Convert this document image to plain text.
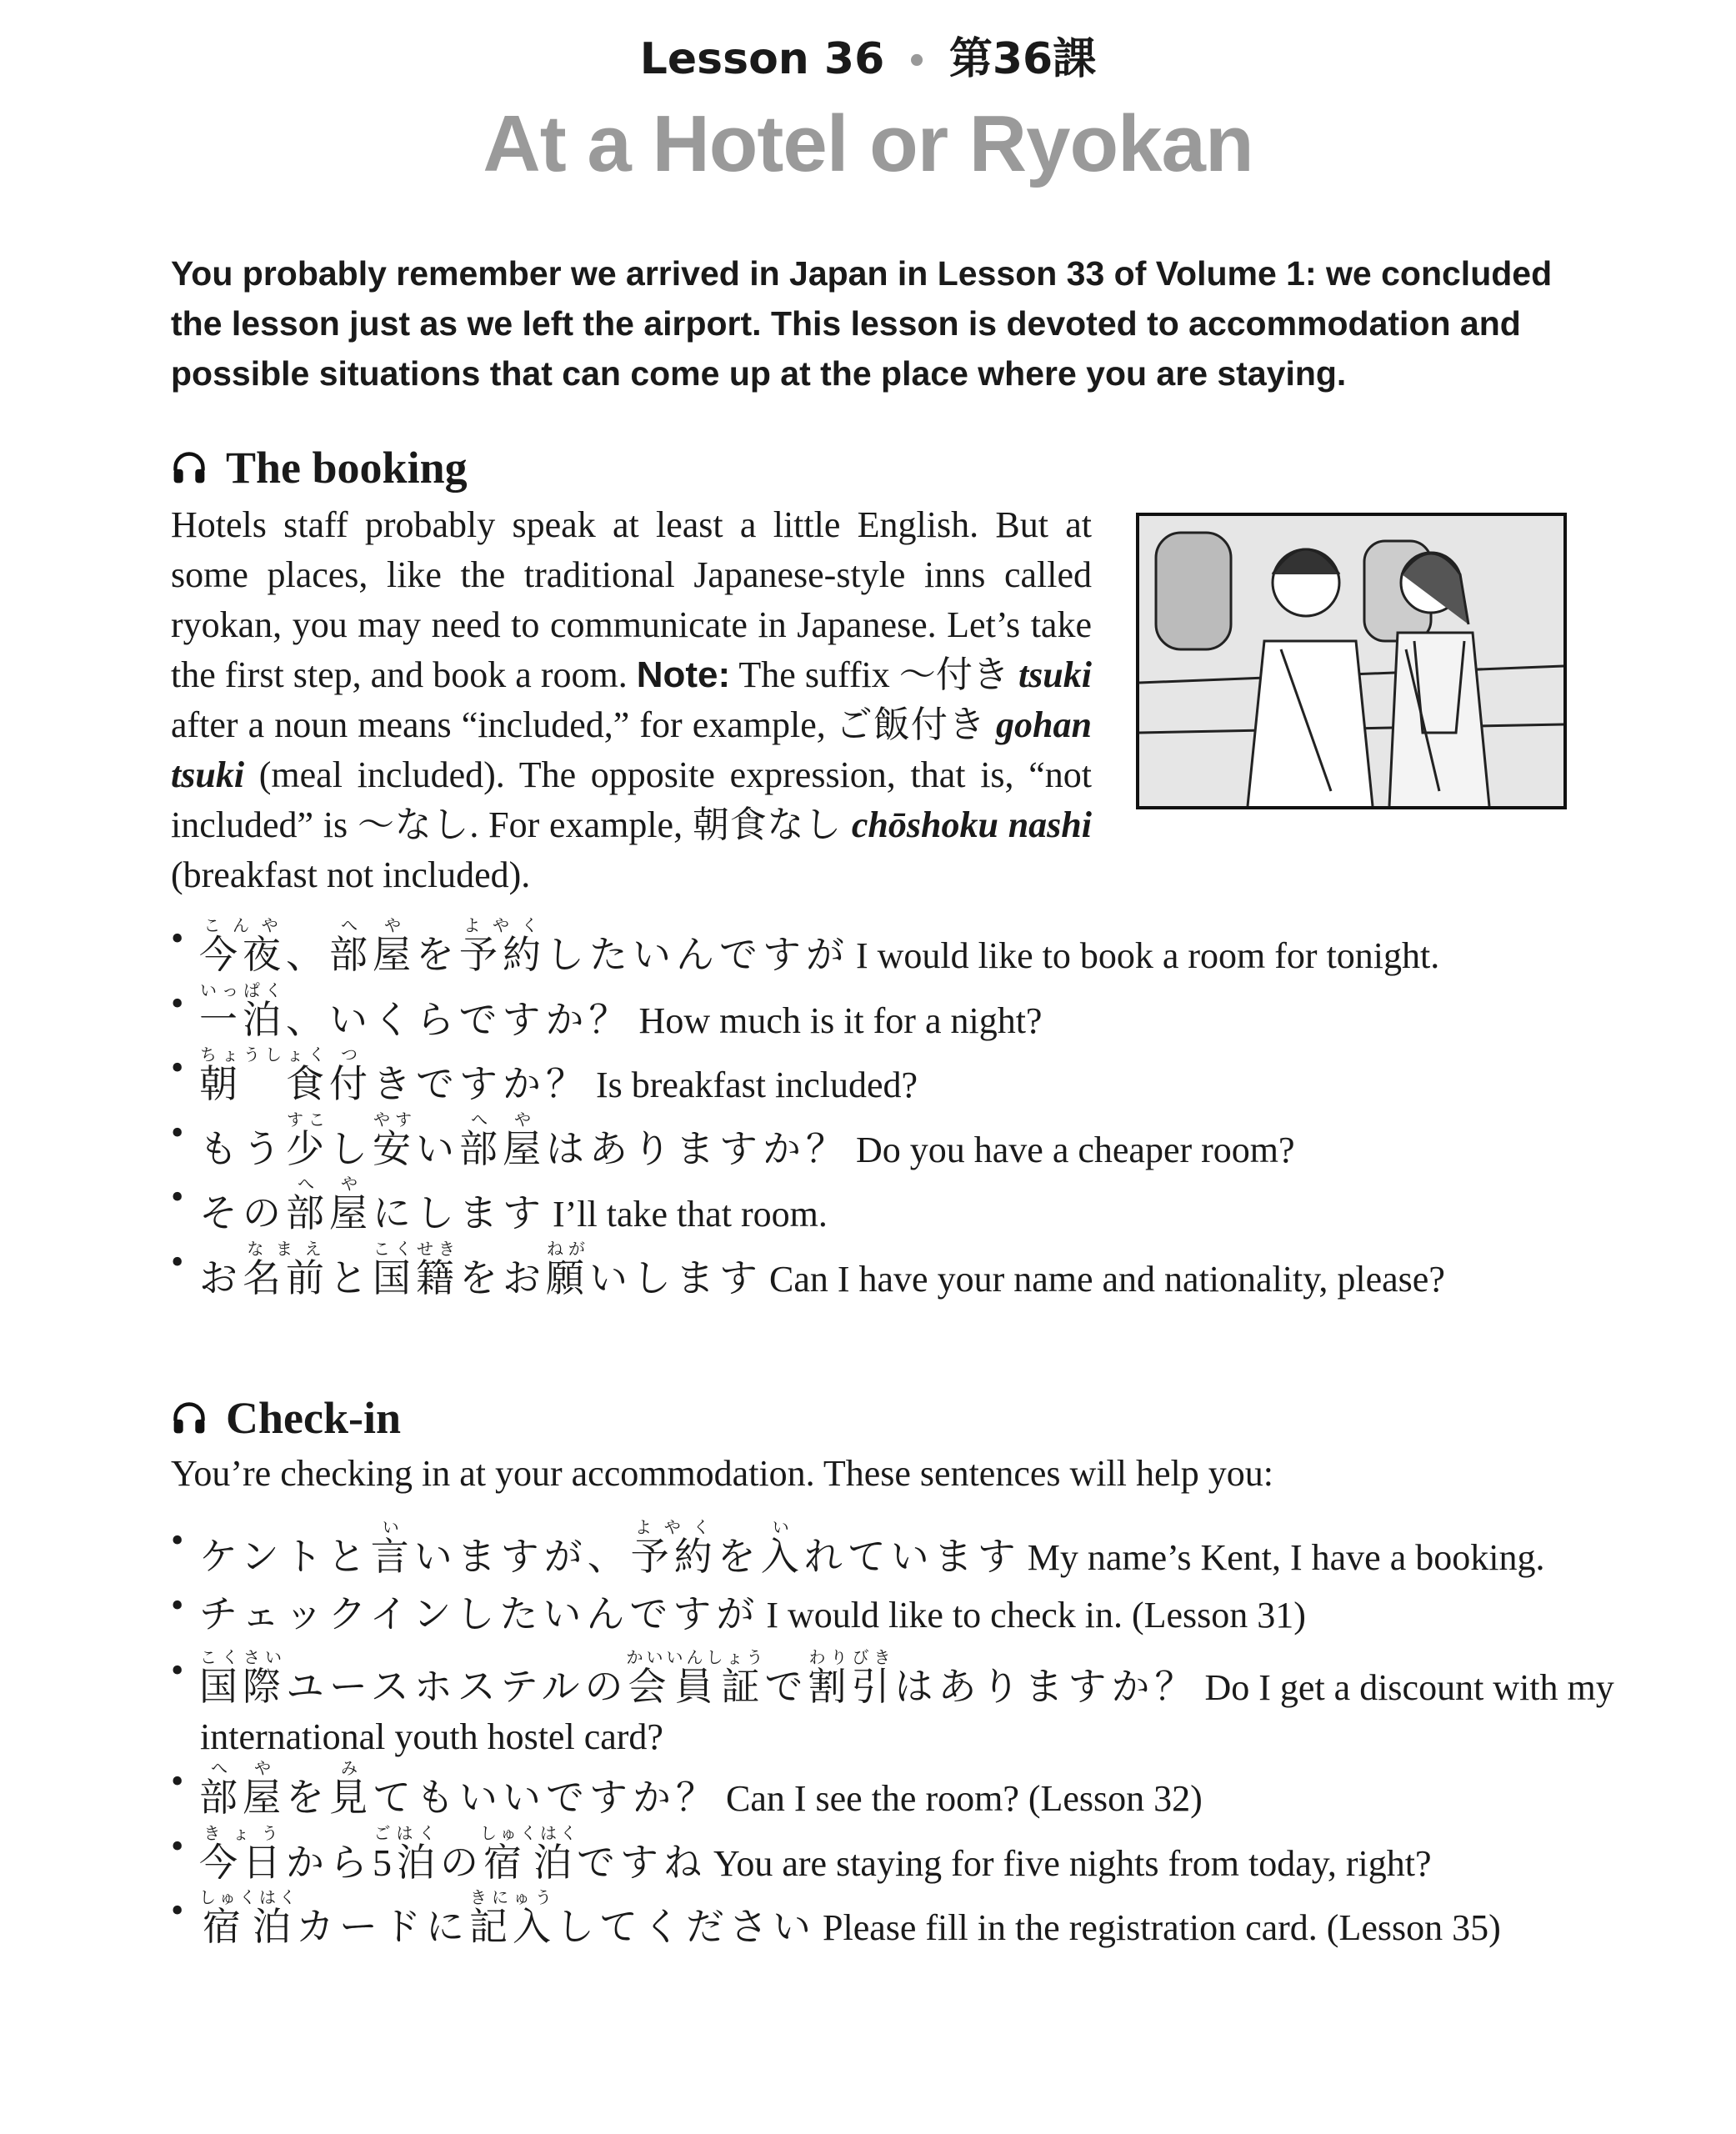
Lesson 36 • 第36課
At a Hotel or Ryokan
You probably remember we arrived in Japan in Lesson 33 of Volume 1: we concluded the lesson just as we left the airport. This lesson is devoted to accommodation and possible situations that can come up at the place where you are staying.
The booking
Hotels staff probably speak at least a little English. But at some places, like the traditional Japanese-style inns called ryokan, you may need to communicate in Japanese. Let’s take the first step, and book a room. Note: The suffix ～付き tsuki after a noun means “included,” for example, ご飯付き gohan tsuki (meal included). The opposite expression, that is, “not included” is ～なし. For example, 朝食なし chōshoku nashi (breakfast not included).
• 今夜こんや、部屋へやを予約よやくしたいんですが I would like to book a room for tonight.
• 一泊いっぱく、いくらですか？ How much is it for a night?
• 朝　食ちょうしょく付つきですか？ Is breakfast included?
• もう少すこし安やすい部屋へやはありますか？ Do you have a cheaper room?
• その部屋へやにします I’ll take that room.
• お名前なまえと国籍こくせきをお願ねがいします Can I have your name and nationality, please?
Check-in
You’re checking in at your accommodation. These sentences will help you:
• ケントと言いいますが、予約よやくを入いれています My name’s Kent, I have a booking.
• チェックインしたいんですが I would like to check in. (Lesson 31)
• 国際こくさいユースホステルの会員証かいいんしょうで割引わりびきはありますか？ Do I get a discount with my
• 部屋へやを見みてもいいですか？ Can I see the room? (Lesson 32)
• 今日きょうから5泊ごはくの宿泊しゅくはくですね You are staying for five nights from today, right?
• 宿泊しゅくはくカードに記入きにゅうしてください Please fill in the registration card. (Lesson 35)
international youth hostel card?
